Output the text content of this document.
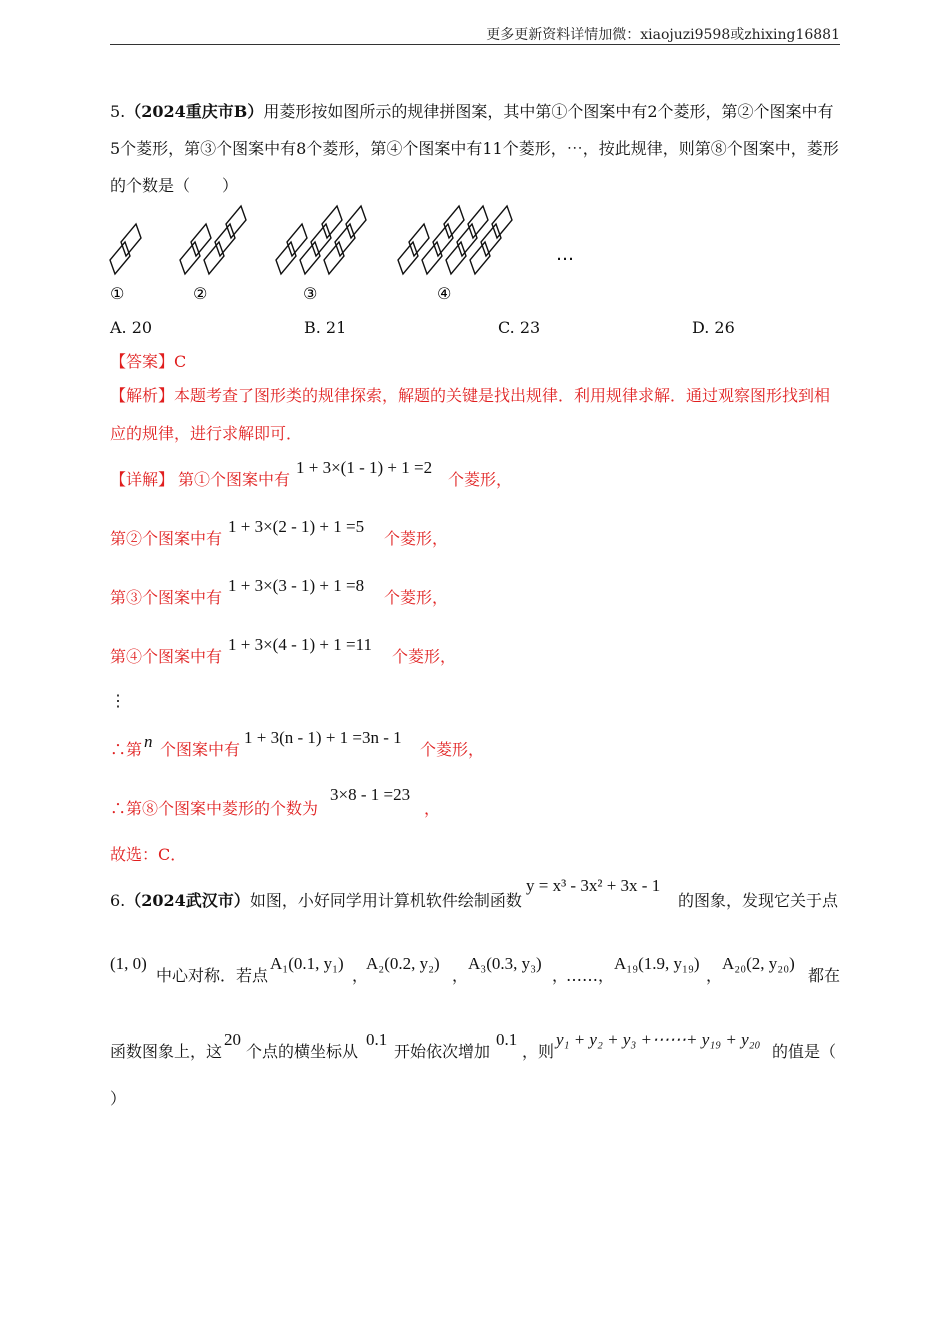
更多更新资料详情加微：xiaojuzi9598或zhixing16881
5.（2024重庆市B）用菱形按如图所示的规律拼图案，其中第①个图案中有2个菱形，第②个图案中有
5个菱形，第③个图案中有8个菱形，第④个图案中有11个菱形，⋯，按此规律，则第⑧个图案中，菱形
的个数是（　　）
①	②	③	④
…
A. 20	B. 21	C. 23	D. 26
【答案】C
【解析】本题考查了图形类的规律探索，解题的关键是找出规律．利用规律求解．通过观察图形找到相
应的规律，进行求解即可．
【详解】 第①个图案中有
1 + 3×(1 - 1) + 1 =2
个菱形，
第②个图案中有
1 + 3×(2 - 1) + 1 =5
个菱形，
第③个图案中有
1 + 3×(3 - 1) + 1 =8
个菱形，
第④个图案中有
1 + 3×(4 - 1) + 1 =11
个菱形，
⋮
∴第 n 个图案中有
1 + 3(n - 1) + 1 =3n - 1
个菱形，
∴第⑧个图案中菱形的个数为
3×8 - 1 =23
，
故选：C．
6.（2024武汉市）如图，小好同学用计算机软件绘制函数
y = x³ - 3x² + 3x - 1
的图象，发现它关于点
(1, 0)
中心对称．若点
A₁(0.1, y₁)
，
A₂(0.2, y₂)
，
A₃(0.3, y₃)
，
…… ，
A₁₉(1.9, y₁₉)
，
A₂₀(2, y₂₀)
都在
函数图象上，这
20
个点的横坐标从
0.1
开始依次增加
0.1
，则
y₁ + y₂ + y₃ +⋯⋯+ y₁₉ + y₂₀
的值是（
）
